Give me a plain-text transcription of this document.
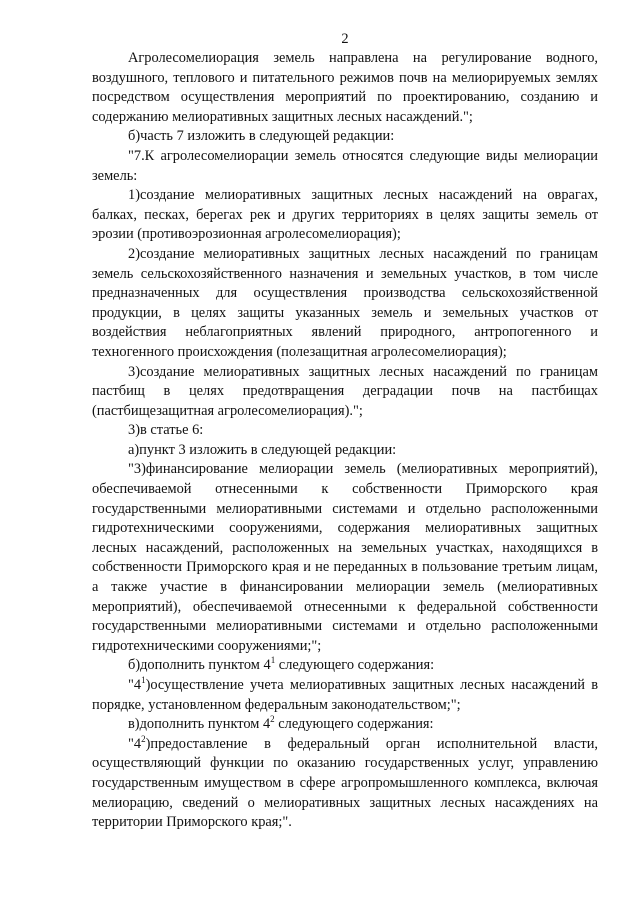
2

Агролесомелиорация земель направлена на регулирование водного, воздушного, теплового и питательного режимов почв на мелиорируемых землях посредством осуществления мероприятий по проектированию, созданию и содержанию мелиоративных защитных лесных насаждений.";

б)часть 7 изложить в следующей редакции:

"7.К агролесомелиорации земель относятся следующие виды мелиорации земель:

1)создание мелиоративных защитных лесных насаждений на оврагах, балках, песках, берегах рек и других территориях в целях защиты земель от эрозии (противоэрозионная агролесомелиорация);

2)создание мелиоративных защитных лесных насаждений по границам земель сельскохозяйственного назначения и земельных участков, в том числе предназначенных для осуществления производства сельскохозяйственной продукции, в целях защиты указанных земель и земельных участков от воздействия неблагоприятных явлений природного, антропогенного и техногенного происхождения (полезащитная агролесомелиорация);

3)создание мелиоративных защитных лесных насаждений по границам пастбищ в целях предотвращения деградации почв на пастбищах (пастбищезащитная агролесомелиорация).";

3)в статье 6:

а)пункт 3 изложить в следующей редакции:

"3)финансирование мелиорации земель (мелиоративных мероприятий), обеспечиваемой отнесенными к собственности Приморского края государственными мелиоративными системами и отдельно расположенными гидротехническими сооружениями, содержания мелиоративных защитных лесных насаждений, расположенных на земельных участках, находящихся в собственности Приморского края и не переданных в пользование третьим лицам, а также участие в финансировании мелиорации земель (мелиоративных мероприятий), обеспечиваемой отнесенными к федеральной собственности государственными мелиоративными системами и отдельно расположенными гидротехническими сооружениями;";

б)дополнить пунктом $4^1$ следующего содержания:

"$4^1)осуществление$ учета мелиоративных защитных лесных насаждений в порядке, установленном федеральным законодательством;";

в)дополнить пунктом $4^2$ следующего содержания:

"$4^2)предоставление$ в федеральный орган исполнительной власти, осуществляющий функции по оказанию государственных услуг, управлению государственным имуществом в сфере агропромышленного комплекса, включая мелиорацию, сведений о мелиоративных защитных лесных насаждениях на территории Приморского края;".
